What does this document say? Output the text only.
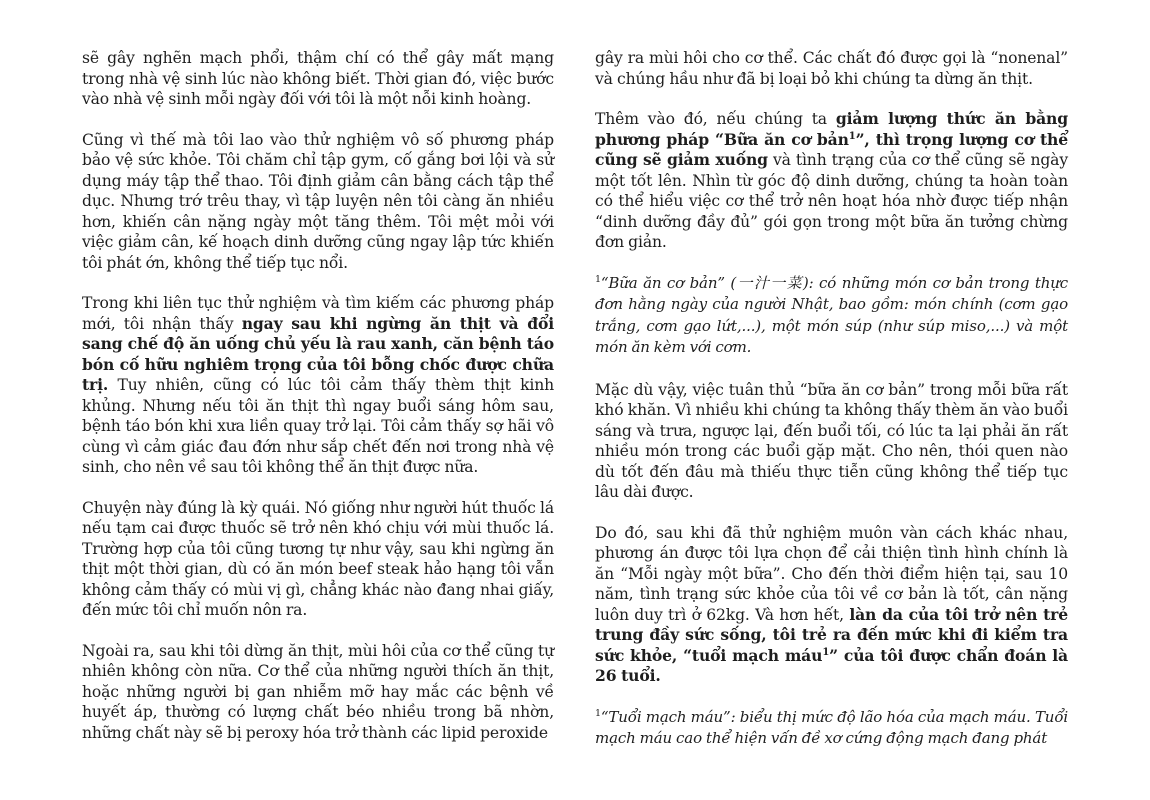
sẽ gây nghẽn mạch phổi, thậm chí có thể gây mất mạng trong nhà vệ sinh lúc nào không biết. Thời gian đó, việc bước vào nhà vệ sinh mỗi ngày đối với tôi là một nỗi kinh hoàng.

Cũng vì thế mà tôi lao vào thử nghiệm vô số phương pháp bảo vệ sức khỏe. Tôi chăm chỉ tập gym, cố gắng bơi lội và sử dụng máy tập thể thao. Tôi định giảm cân bằng cách tập thể dục. Nhưng trớ trêu thay, vì tập luyện nên tôi càng ăn nhiều hơn, khiến cân nặng ngày một tăng thêm. Tôi mệt mỏi với việc giảm cân, kế hoạch dinh dưỡng cũng ngay lập tức khiến tôi phát ớn, không thể tiếp tục nổi.

Trong khi liên tục thử nghiệm và tìm kiếm các phương pháp mới, tôi nhận thấy ngay sau khi ngừng ăn thịt và đổi sang chế độ ăn uống chủ yếu là rau xanh, căn bệnh táo bón cố hữu nghiêm trọng của tôi bỗng chốc được chữa trị. Tuy nhiên, cũng có lúc tôi cảm thấy thèm thịt kinh khủng. Nhưng nếu tôi ăn thịt thì ngay buổi sáng hôm sau, bệnh táo bón khi xưa liền quay trở lại. Tôi cảm thấy sợ hãi vô cùng vì cảm giác đau đớn như sắp chết đến nơi trong nhà vệ sinh, cho nên về sau tôi không thể ăn thịt được nữa.

Chuyện này đúng là kỳ quái. Nó giống như người hút thuốc lá nếu tạm cai được thuốc sẽ trở nên khó chịu với mùi thuốc lá. Trường hợp của tôi cũng tương tự như vậy, sau khi ngừng ăn thịt một thời gian, dù có ăn món beef steak hảo hạng tôi vẫn không cảm thấy có mùi vị gì, chẳng khác nào đang nhai giấy, đến mức tôi chỉ muốn nôn ra.

Ngoài ra, sau khi tôi dừng ăn thịt, mùi hôi của cơ thể cũng tự nhiên không còn nữa. Cơ thể của những người thích ăn thịt, hoặc những người bị gan nhiễm mỡ hay mắc các bệnh về huyết áp, thường có lượng chất béo nhiều trong bã nhờn, những chất này sẽ bị peroxy hóa trở thành các lipid peroxide

gây ra mùi hôi cho cơ thể. Các chất đó được gọi là “nonenal” và chúng hầu như đã bị loại bỏ khi chúng ta dừng ăn thịt.

Thêm vào đó, nếu chúng ta giảm lượng thức ăn bằng phương pháp “Bữa ăn cơ bản$^1$”, thì trọng lượng cơ thể cũng sẽ giảm xuống và tình trạng của cơ thể cũng sẽ ngày một tốt lên. Nhìn từ góc độ dinh dưỡng, chúng ta hoàn toàn có thể hiểu việc cơ thể trở nên hoạt hóa nhờ được tiếp nhận “dinh dưỡng đầy đủ” gói gọn trong một bữa ăn tưởng chừng đơn giản.

$^1$“Bữa ăn cơ bản” (一汁一菜): có những món cơ bản trong thực đơn hằng ngày của người Nhật, bao gồm: món chính (cơm gạo trắng, cơm gạo lứt,...), một món súp (như súp miso,...) và một món ăn kèm với cơm.

Mặc dù vậy, việc tuân thủ “bữa ăn cơ bản” trong mỗi bữa rất khó khăn. Vì nhiều khi chúng ta không thấy thèm ăn vào buổi sáng và trưa, ngược lại, đến buổi tối, có lúc ta lại phải ăn rất nhiều món trong các buổi gặp mặt. Cho nên, thói quen nào dù tốt đến đâu mà thiếu thực tiễn cũng không thể tiếp tục lâu dài được.

Do đó, sau khi đã thử nghiệm muôn vàn cách khác nhau, phương án được tôi lựa chọn để cải thiện tình hình chính là ăn “Mỗi ngày một bữa”. Cho đến thời điểm hiện tại, sau 10 năm, tình trạng sức khỏe của tôi về cơ bản là tốt, cân nặng luôn duy trì ở 62kg. Và hơn hết, làn da của tôi trở nên trẻ trung đầy sức sống, tôi trẻ ra đến mức khi đi kiểm tra sức khỏe, “tuổi mạch máu$^1$” của tôi được chẩn đoán là 26 tuổi.

$^1$“Tuổi mạch máu”: biểu thị mức độ lão hóa của mạch máu. Tuổi mạch máu cao thể hiện vấn đề xơ cứng động mạch đang phát
